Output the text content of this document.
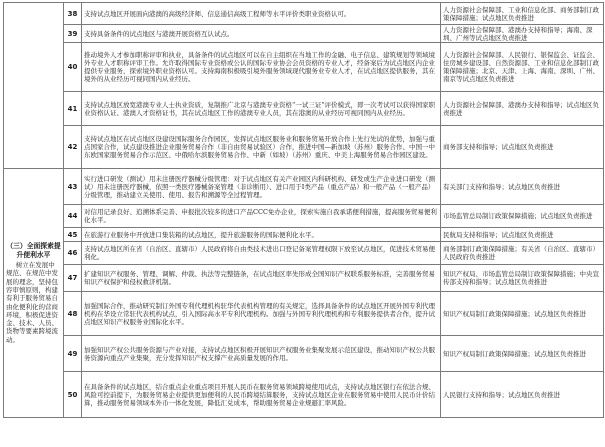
	38	支持试点地区开展面向港澳的高级经济师、信息通信高级工程师等水平评价类职业资格认可。	人力资源社会保障部、工业和信息化部、商务部制订政策保障措施；试点地区负责推进
	39	支持具备条件的试点地区与港澳开展资格互认试点。	人力资源社会保障部、港澳办支持和指导；海南、深圳、广州等试点地区负责推进
	40	推动境外人才参加职称评审和执业，具备条件的试点地区可以在自主组织在当地工作的金融、电子信息、建筑规划等领域境外专业人才职称评审工作。允许取得国际专业资格或公认的国际专业协会会员资格的专业人才，经备案后为试点地区内企业提供专业服务，探索境外职业资格认可。支持海南积极吸引境外服务领域现代服务业专业人才，在试点地区提供服务，其在境外的从业经历可视同国内从业经历。	人力资源社会保障部、人民银行、银保监会、证监会、住房城乡建设部、自然资源部、工业和信息化部制订政策保障措施；北京、天津、上海、海南、深圳、广州、南京等试点地区负责推进
	41	支持试点地区放宽港澳专业人士执业资质，复制推广北京与港澳专业资格“一试三证”评价模式，即一次考试可以获得国家职业资格认证、港澳人才资格证书，其在试点地区工作的港澳专业人员，其在港澳的从业经历可视同国内从业经历。	人力资源社会保障部、港澳办支持和指导；试点地区负责推进
	42	支持试点地区在试点地区设建设国际服务合作园区，发挥试点地区服务业和服务贸易开放合作上先行先试的优势，加强与重点国家合作，试点建设推进企业服务贸易合作（非自由贸易试验区）合作，推进中国—新加坡（苏州）服务合作、中国一中东欧国家服务贸易合作示范区、中俄哈尔滨服务贸易合作、中新（如坡）（苏州）重庆、中美上海服务贸易合作园区建设。	商务部支持和指导；试点地区负责推进

（三）全面探索提升便利水平
树立在发展中规范、在规范中发展的理念，坚持包容审慎原则，构建有利于服务贸易自由化便利化的营商环境，积极促进资金、技术、人员、货物等要素跨境流动。	43	实行进口研发（测试）用未注册医疗器械分级管理：对于试点地区有关产业园区内科研机构、研发或生产企业进口研发（测试）用未注册医疗器械，依照一类医疗器械备案管理（非诊断用）、进口用于I类产品（重点产品）和一般产品（一般产品）分级管理，推动建立关使用、使用、报告和溯源等全过程管理。	有关部门支持和指导；试点地区负责推进
	44	对信用记录良好、追溯体系完善、申报批次较多的进口产品CCC免办企业，探索实施自我承诺便利措施，提高服务贸易便利化水平。	市场监管总局制订政策保障措施；试点地区负责推进
	45	在旅游行业服务中开放进口集装箱的试点地区，提升旅游服务的国际便利化水平。	民航局支持和指导；试点地区负责推进
	46	支持试点地区所在省（自治区、直辖市）人民政府将自由类技术进出口登记备案管理权限下放至试点地区，促进技术贸易便利化。	商务部制订政策保障措施；有关省（自治区、直辖市）人民政府负责推进
	47	扩建知识产权服务、管理、调解、仲裁、执法等完整链条，在试点地区率先形成全国知识产权联系服务标准，完善服务贸易知识产权保护和侵权救济机制。	知识产权局、市场监管总局制订政策保障措施；中央宣传部支持和指导；试点地区负责推进
	48	加强国际合作，推动研究制订外国专利代理机构驻华代表机构管理的有关规定，选择具备条件的试点地区开展外国专利代理机构在华设立常驻代表机构试点，引入国际高水平专利代理机构。加强与外国专利代理机构和专利服务提供者合作，提升试点地区知识产权服务业国际化水平。	知识产权局制订政策保障措施；试点地区负责推进
	49	加强知识产权公共服务资源与产业对接，支持试点地区积极开展知识产权服务业集聚发展示范区建设，推动知识产权公共服务资源向重点产业集聚，充分发挥知识产权支撑产业高质量发展的作用。	知识产权局制订政策保障措施；试点地区负责推进
	50	在具备条件的试点地区，结合重点企业重点项目开展人民币在服务贸易领域跨境使用试点，支持试点地区银行在依法合规、风险可控前提下，为服务贸易企业提供更加便利的人民币跨境结算服务，支持试点地区企业在服务贸易中使用人民币计价结算，推动服务贸易领域本外币一体化发展，降低汇兑成本，帮助服务贸易企业规避汇率风险。	人民银行支持和指导；试点地区负责推进
